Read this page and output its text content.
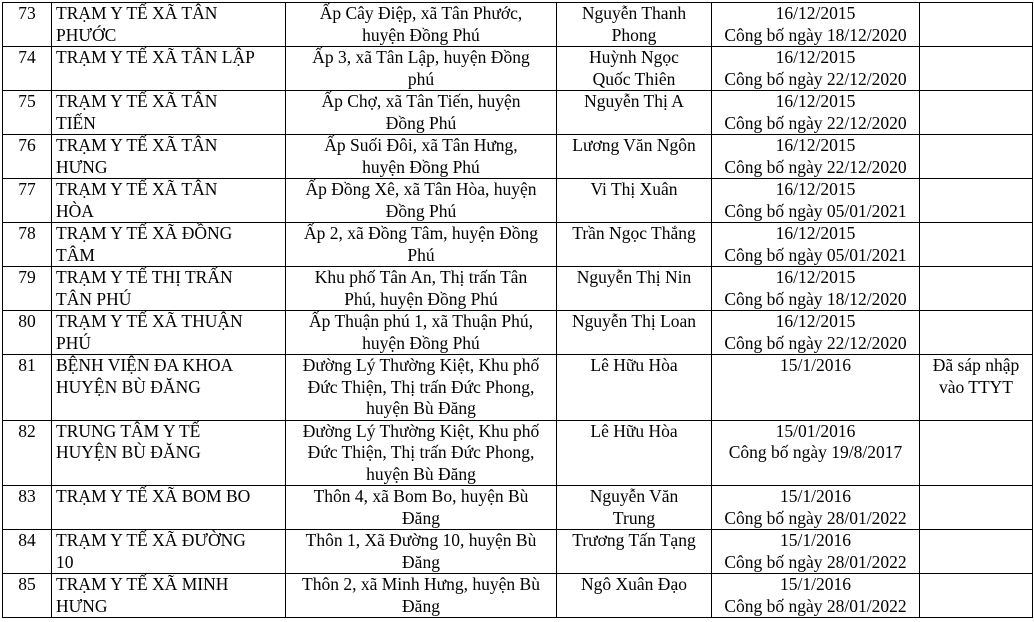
73	TRẠM Y TẾ XÃ TÂN
PHƯỚC	Ấp Cây Điệp, xã Tân Phước,
huyện Đồng Phú	Nguyễn Thanh
Phong	16/12/2015
Công bố ngày 18/12/2020	

74	TRẠM Y TẾ XÃ TÂN LẬP	Ấp 3, xã Tân Lập, huyện Đồng
phú	Huỳnh Ngọc
Quốc Thiên	16/12/2015
Công bố ngày 22/12/2020	

75	TRẠM Y TẾ XÃ TÂN
TIẾN	Ấp Chợ, xã Tân Tiến, huyện
Đồng Phú	Nguyễn Thị A	16/12/2015
Công bố ngày 22/12/2020	

76	TRẠM Y TẾ XÃ TÂN
HƯNG	Ấp Suối Đôi, xã Tân Hưng,
huyện Đồng Phú	Lương Văn Ngôn	16/12/2015
Công bố ngày 22/12/2020	

77	TRẠM Y TẾ XÃ TÂN
HÒA	Ấp Đồng Xê, xã Tân Hòa, huyện
Đồng Phú	Vi Thị Xuân	16/12/2015
Công bố ngày 05/01/2021	

78	TRẠM Y TẾ XÃ ĐỒNG
TÂM	Ấp 2, xã Đồng Tâm, huyện Đồng
Phú	Trần Ngọc Thắng	16/12/2015
Công bố ngày 05/01/2021	

79	TRẠM Y TẾ THỊ TRẤN
TÂN PHÚ	Khu phố Tân An, Thị trấn Tân
Phú, huyện Đồng Phú	Nguyễn Thị Nin	16/12/2015
Công bố ngày 18/12/2020	

80	TRẠM Y TẾ XÃ THUẬN
PHÚ	Ấp Thuận phú 1, xã Thuận Phú,
huyện Đồng Phú	Nguyễn Thị Loan	16/12/2015
Công bố ngày 22/12/2020	

81	BỆNH VIỆN ĐA KHOA
HUYỆN BÙ ĐĂNG	Đường Lý Thường Kiệt, Khu phố
Đức Thiện, Thị trấn Đức Phong,
huyện Bù Đăng	Lê Hữu Hòa	15/1/2016	Đã sáp nhập
vào TTYT

82	TRUNG TÂM Y TẾ
HUYỆN BÙ ĐĂNG	Đường Lý Thường Kiệt, Khu phố
Đức Thiện, Thị trấn Đức Phong,
huyện Bù Đăng	Lê Hữu Hòa	15/01/2016
Công bố ngày 19/8/2017	

83	TRẠM Y TẾ XÃ BOM BO	Thôn 4, xã Bom Bo, huyện Bù
Đăng	Nguyễn Văn
Trung	15/1/2016
Công bố ngày 28/01/2022	

84	TRẠM Y TẾ XÃ ĐƯỜNG
10	Thôn 1, Xã Đường 10, huyện Bù
Đăng	Trương Tấn Tạng	15/1/2016
Công bố ngày 28/01/2022	

85	TRẠM Y TẾ XÃ MINH
HƯNG	Thôn 2, xã Minh Hưng, huyện Bù
Đăng	Ngô Xuân Đạo	15/1/2016
Công bố ngày 28/01/2022	
